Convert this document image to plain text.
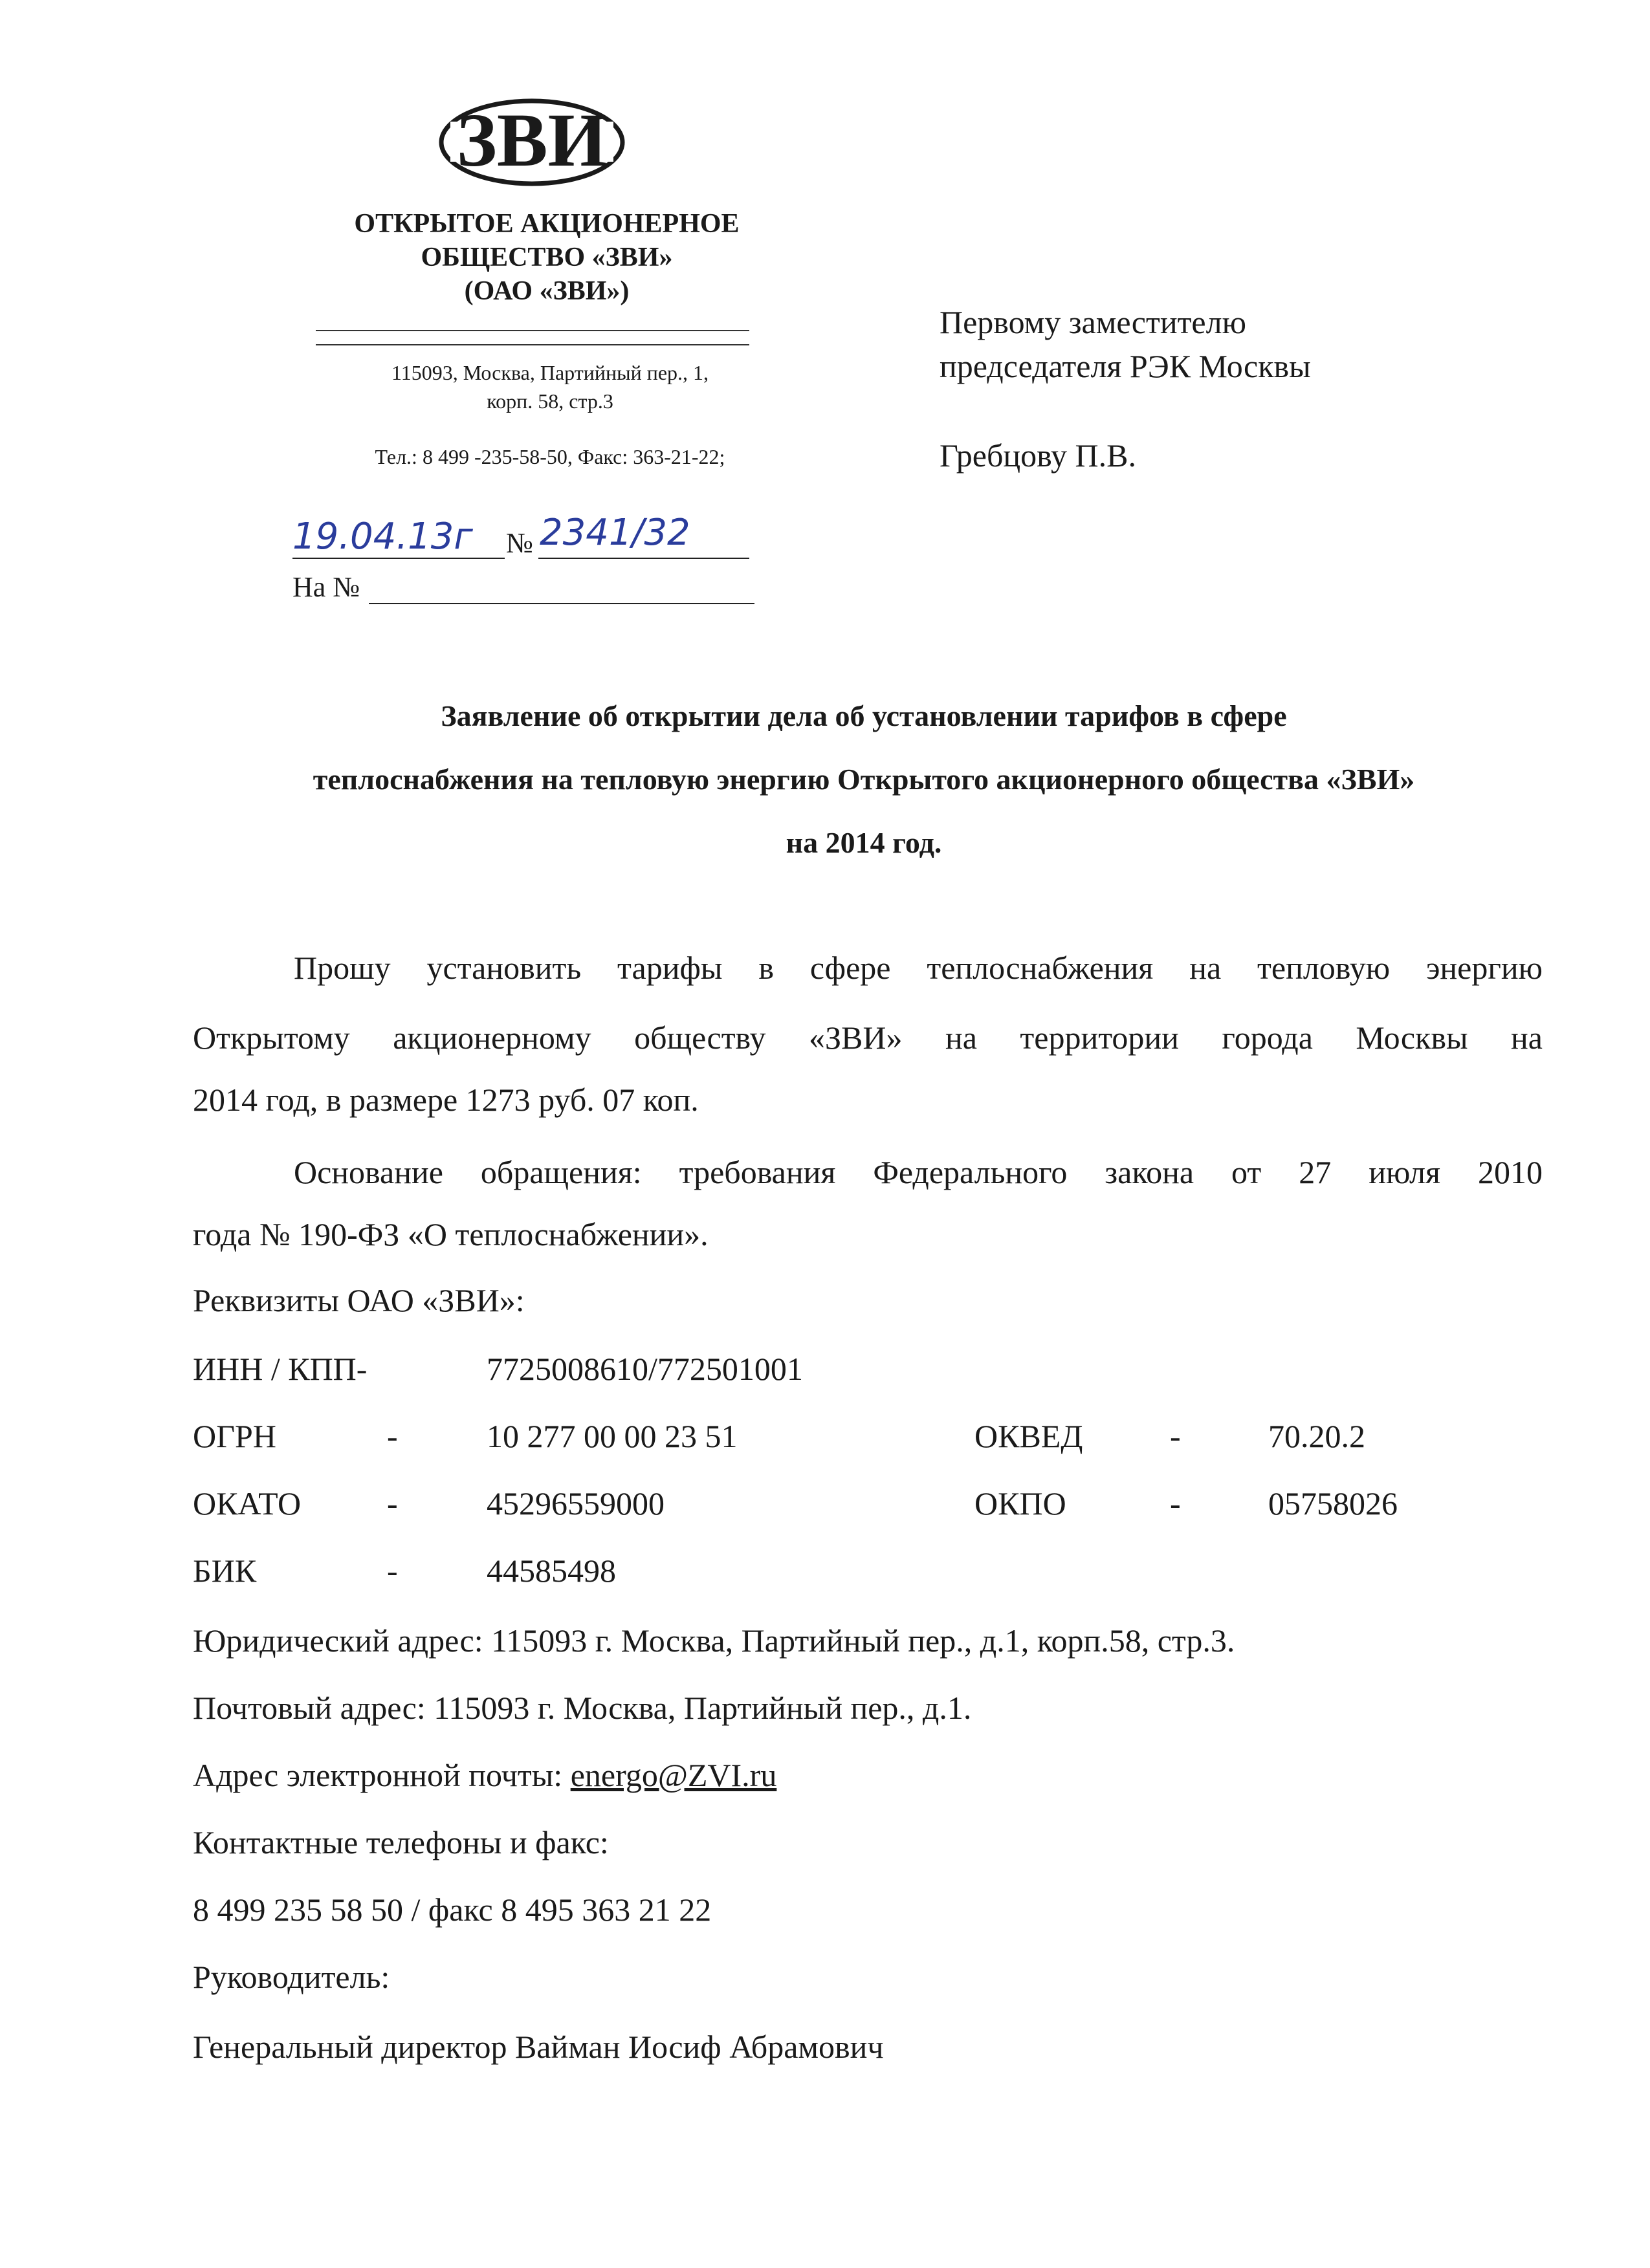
ЗВИ
ОТКРЫТОЕ АКЦИОНЕРНОЕ
ОБЩЕСТВО «ЗВИ»
(ОАО «ЗВИ»)
115093, Москва, Партийный пер., 1,
корп. 58, стр.3
Тел.: 8 499 -235-58-50, Факс: 363-21-22;
Первому заместителю
председателя РЭК Москвы
Гребцову П.В.
19.04.13г № 2341/32
На №
Заявление об открытии дела об установлении тарифов в сфере
теплоснабжения на тепловую энергию Открытого акционерного общества «ЗВИ»
на 2014 год.
Прошу установить тарифы в сфере теплоснабжения на тепловую энергию
Открытому акционерному обществу «ЗВИ» на территории города Москвы на
2014 год, в размере 1273 руб. 07 коп.
Основание обращения: требования Федерального закона от 27 июля 2010
года № 190-ФЗ «О теплоснабжении».
Реквизиты ОАО «ЗВИ»:
ИНН / КПП-	7725008610/772501001
ОГРН	-	10 277 00 00 23 51	ОКВЕД	-	70.20.2
ОКАТО	-	45296559000	ОКПО	-	05758026
БИК	-	44585498
Юридический адрес: 115093 г. Москва, Партийный пер., д.1, корп.58, стр.3.
Почтовый адрес: 115093 г. Москва, Партийный пер., д.1.
Адрес электронной почты: energo@ZVI.ru
Контактные телефоны и факс:
8 499 235 58 50 / факс 8 495 363 21 22
Руководитель:
Генеральный директор Вайман Иосиф Абрамович
